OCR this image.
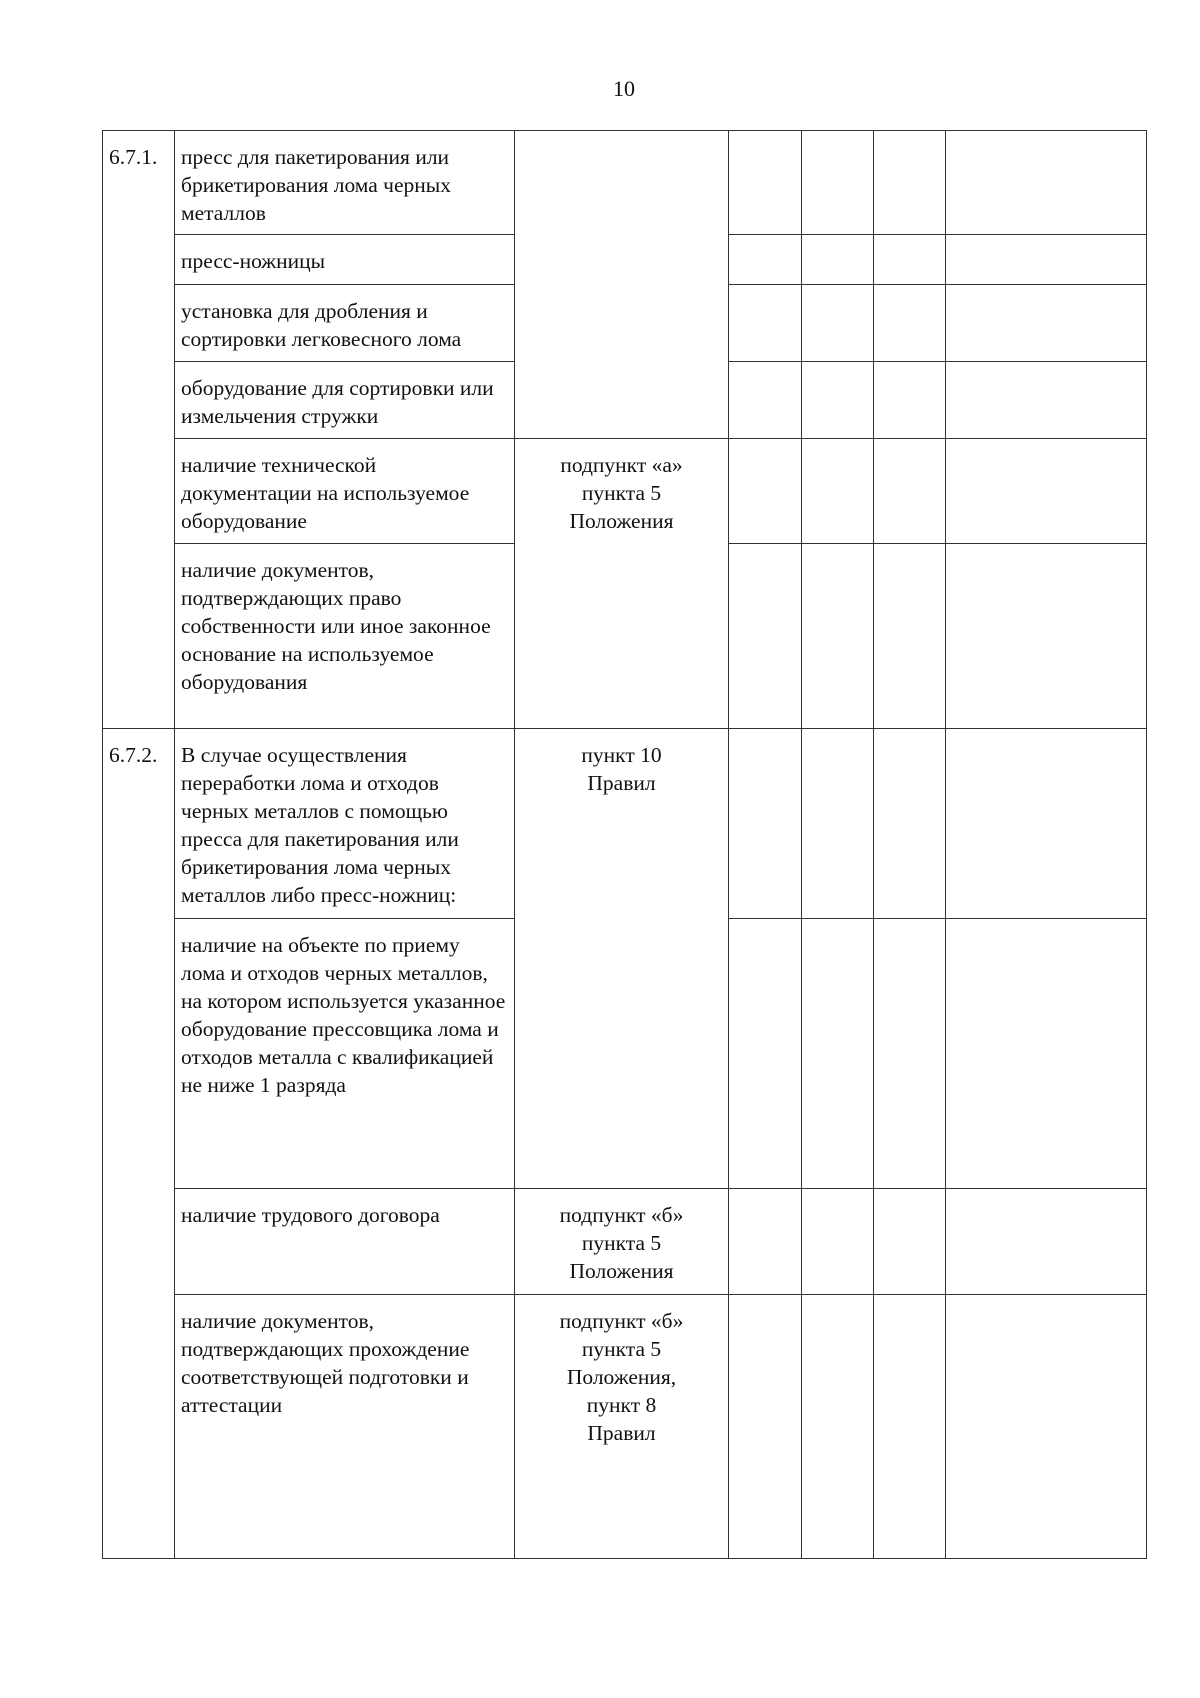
10
6.7.1.	пресс для пакетирования или брикетирования лома черных металлов					
	пресс-ножницы					
	установка для дробления и сортировки легковесного лома					
	оборудование для сортировки или измельчения стружки					
	наличие технической документации на используемое оборудование	подпункт «а»
пункта 5
Положения				
	наличие документов, подтверждающих право собственности или иное законное основание на используемое оборудования					
6.7.2.	В случае осуществления переработки лома и отходов черных металлов с помощью пресса для пакетирования или брикетирования лома черных металлов либо пресс-ножниц:	пункт 10
Правил				
	наличие на объекте по приему лома и отходов черных металлов, на котором используется указанное оборудование прессовщика лома и отходов металла с квалификацией не ниже 1 разряда					
	наличие трудового договора	подпункт «б»
пункта 5
Положения				
	наличие документов, подтверждающих прохождение соответствующей подготовки и аттестации	подпункт «б»
пункта 5
Положения,
пункт 8
Правил				
